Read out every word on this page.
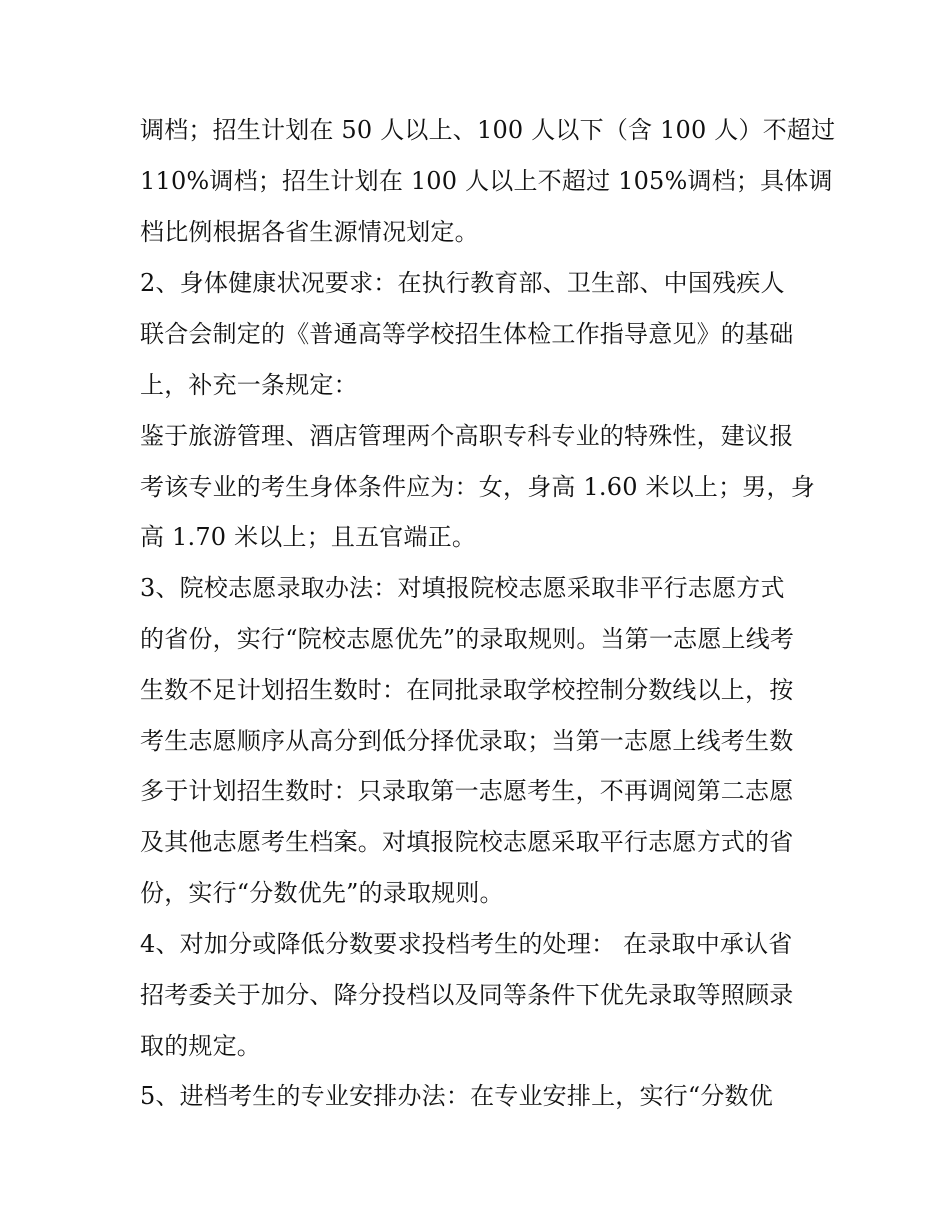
调档；招生计划在 50 人以上、100 人以下（含 100 人）不超过
110%调档；招生计划在 100 人以上不超过 105%调档；具体调
档比例根据各省生源情况划定。
2、身体健康状况要求：在执行教育部、卫生部、中国残疾人
联合会制定的《普通高等学校招生体检工作指导意见》的基础
上，补充一条规定：
鉴于旅游管理、酒店管理两个高职专科专业的特殊性，建议报
考该专业的考生身体条件应为：女，身高 1.60 米以上；男，身
高 1.70 米以上；且五官端正。
3、院校志愿录取办法：对填报院校志愿采取非平行志愿方式
的省份，实行“院校志愿优先”的录取规则。当第一志愿上线考
生数不足计划招生数时：在同批录取学校控制分数线以上，按
考生志愿顺序从高分到低分择优录取；当第一志愿上线考生数
多于计划招生数时：只录取第一志愿考生，不再调阅第二志愿
及其他志愿考生档案。对填报院校志愿采取平行志愿方式的省
份，实行“分数优先”的录取规则。
4、对加分或降低分数要求投档考生的处理： 在录取中承认省
招考委关于加分、降分投档以及同等条件下优先录取等照顾录
取的规定。
5、进档考生的专业安排办法：在专业安排上，实行“分数优
